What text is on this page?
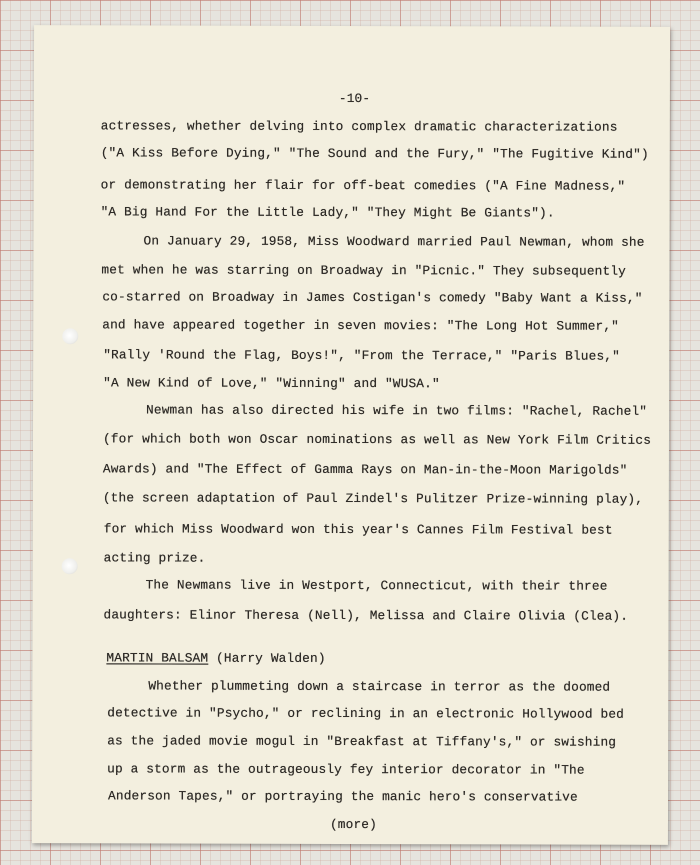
-10-
actresses, whether delving into complex dramatic characterizations
("A Kiss Before Dying," "The Sound and the Fury," "The Fugitive Kind")
or demonstrating her flair for off-beat comedies ("A Fine Madness,"
"A Big Hand For the Little Lady," "They Might Be Giants").
On January 29, 1958, Miss Woodward married Paul Newman, whom she
met when he was starring on Broadway in "Picnic." They subsequently
co-starred on Broadway in James Costigan's comedy "Baby Want a Kiss,"
and have appeared together in seven movies: "The Long Hot Summer,"
"Rally 'Round the Flag, Boys!", "From the Terrace," "Paris Blues,"
"A New Kind of Love," "Winning" and "WUSA."
Newman has also directed his wife in two films: "Rachel, Rachel"
(for which both won Oscar nominations as well as New York Film Critics
Awards) and "The Effect of Gamma Rays on Man-in-the-Moon Marigolds"
(the screen adaptation of Paul Zindel's Pulitzer Prize-winning play),
for which Miss Woodward won this year's Cannes Film Festival best
acting prize.
The Newmans live in Westport, Connecticut, with their three
daughters: Elinor Theresa (Nell), Melissa and Claire Olivia (Clea).
MARTIN BALSAM (Harry Walden)
Whether plummeting down a staircase in terror as the doomed
detective in "Psycho," or reclining in an electronic Hollywood bed
as the jaded movie mogul in "Breakfast at Tiffany's," or swishing
up a storm as the outrageously fey interior decorator in "The
Anderson Tapes," or portraying the manic hero's conservative
(more)
